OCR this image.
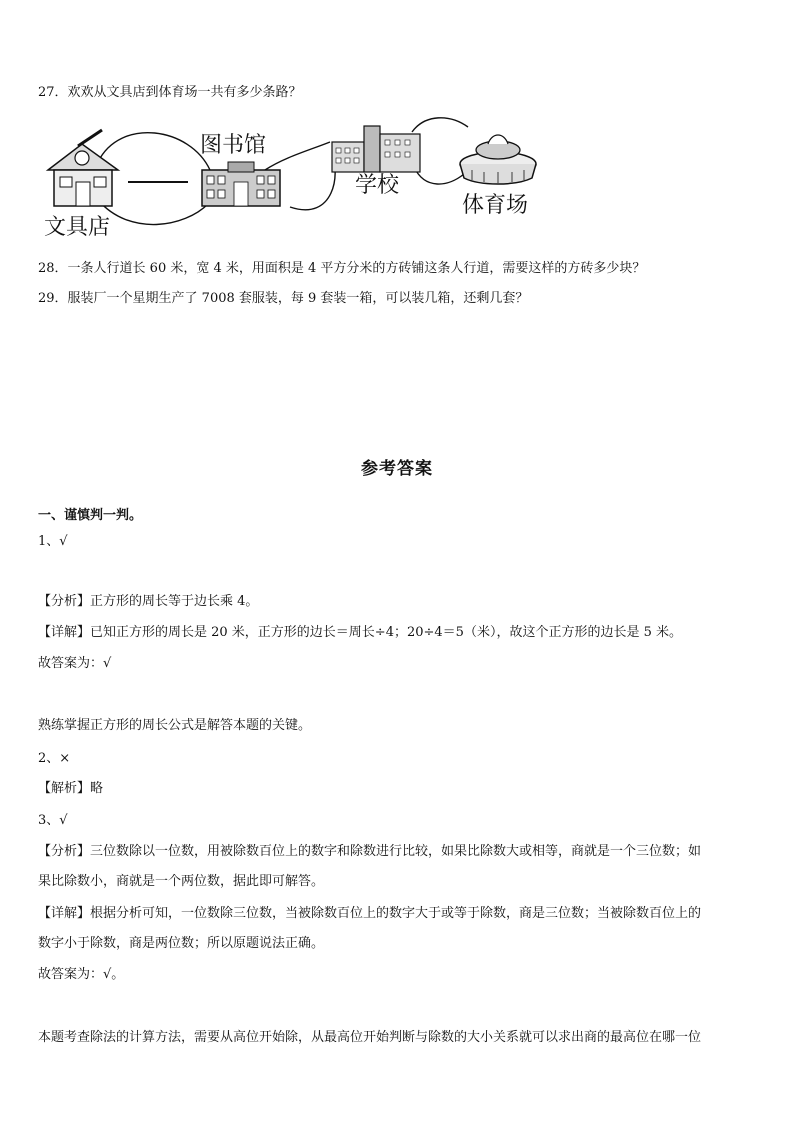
27．欢欢从文具店到体育场一共有多少条路？
文具店
图书馆
学校
体育场
28．一条人行道长 60 米，宽 4 米，用面积是 4 平方分米的方砖铺这条人行道，需要这样的方砖多少块？
29．服装厂一个星期生产了 7008 套服装，每 9 套装一箱，可以装几箱，还剩几套？
参考答案
一、谨慎判一判。
1、√
【分析】正方形的周长等于边长乘 4。
【详解】已知正方形的周长是 20 米，正方形的边长＝周长÷4；20÷4＝5（米），故这个正方形的边长是 5 米。
故答案为：√
熟练掌握正方形的周长公式是解答本题的关键。
2、×
【解析】略
3、√
【分析】三位数除以一位数，用被除数百位上的数字和除数进行比较，如果比除数大或相等，商就是一个三位数；如
果比除数小，商就是一个两位数，据此即可解答。
【详解】根据分析可知，一位数除三位数，当被除数百位上的数字大于或等于除数，商是三位数；当被除数百位上的
数字小于除数，商是两位数；所以原题说法正确。
故答案为：√。
本题考查除法的计算方法，需要从高位开始除，从最高位开始判断与除数的大小关系就可以求出商的最高位在哪一位
